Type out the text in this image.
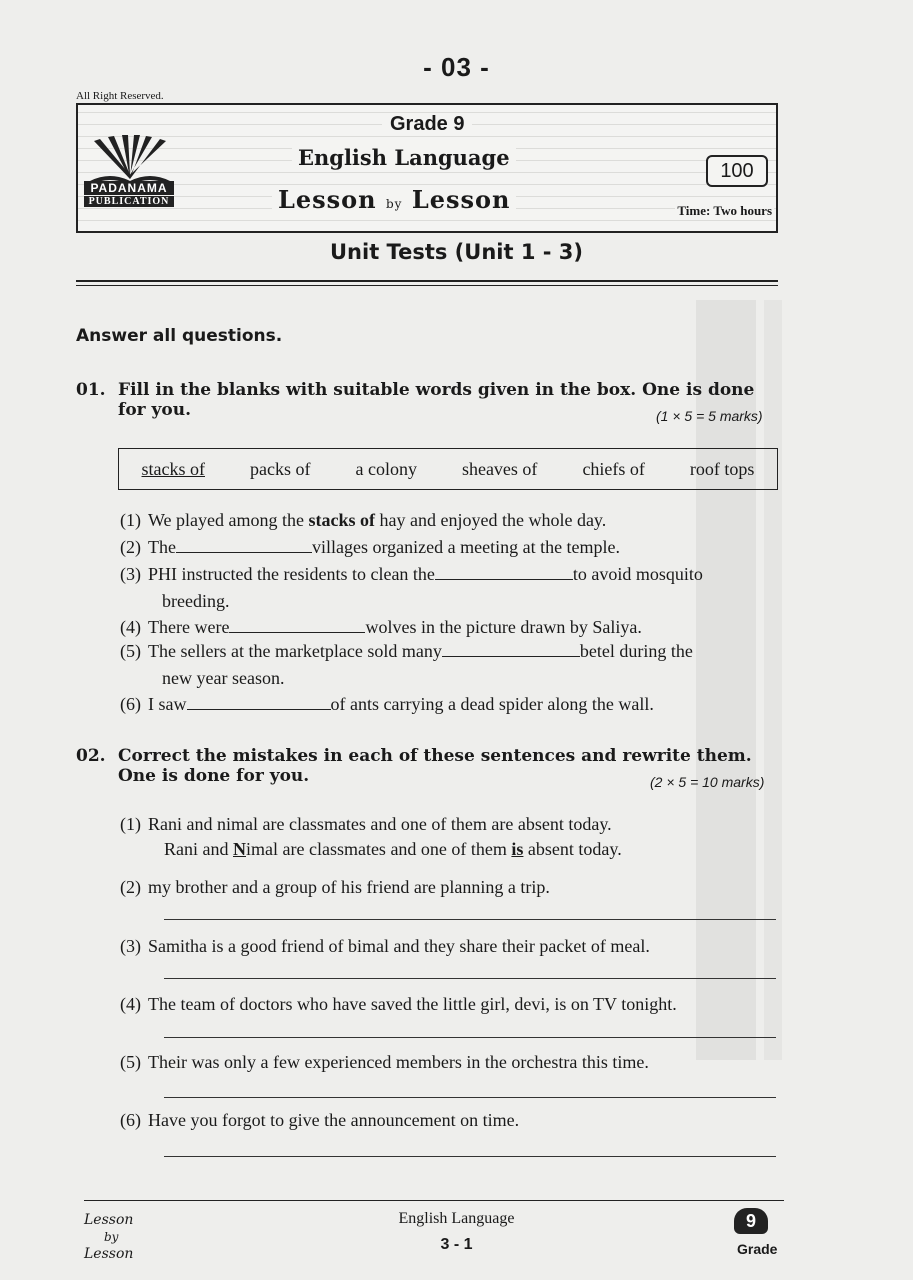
- 03 -
All Right Reserved.
PADANAMA
PUBLICATION
Grade 9
English Language
Lesson by Lesson
100
Time: Two hours
Unit Tests (Unit 1 - 3)
Answer all questions.
01. Fill in the blanks with suitable words given in the box. One is done for you.	(1 × 5 = 5 marks)
stacks of	packs of	a colony	sheaves of	chiefs of	roof tops
(1) We played among the stacks of hay and enjoyed the whole day.
(2) The	villages organized a meeting at the temple.
(3) PHI instructed the residents to clean the	to avoid mosquito
breeding.
(4) There were	wolves in the picture drawn by Saliya.
(5) The sellers at the marketplace sold many	betel during the
new year season.
(6) I saw	of ants carrying a dead spider along the wall.
02. Correct the mistakes in each of these sentences and rewrite them. One is done for you.	(2 × 5 = 10 marks)
(1) Rani and nimal are classmates and one of them are absent today.
Rani and Nimal are classmates and one of them is absent today.
(2) my brother and a group of his friend are planning a trip.
(3) Samitha is a good friend of bimal and they share their packet of meal.
(4) The team of doctors who have saved the little girl, devi, is on TV tonight.
(5) Their was only a few experienced members in the orchestra this time.
(6) Have you forgot to give the announcement on time.
Lesson
by
Lesson
English Language
3 - 1
9
Grade
